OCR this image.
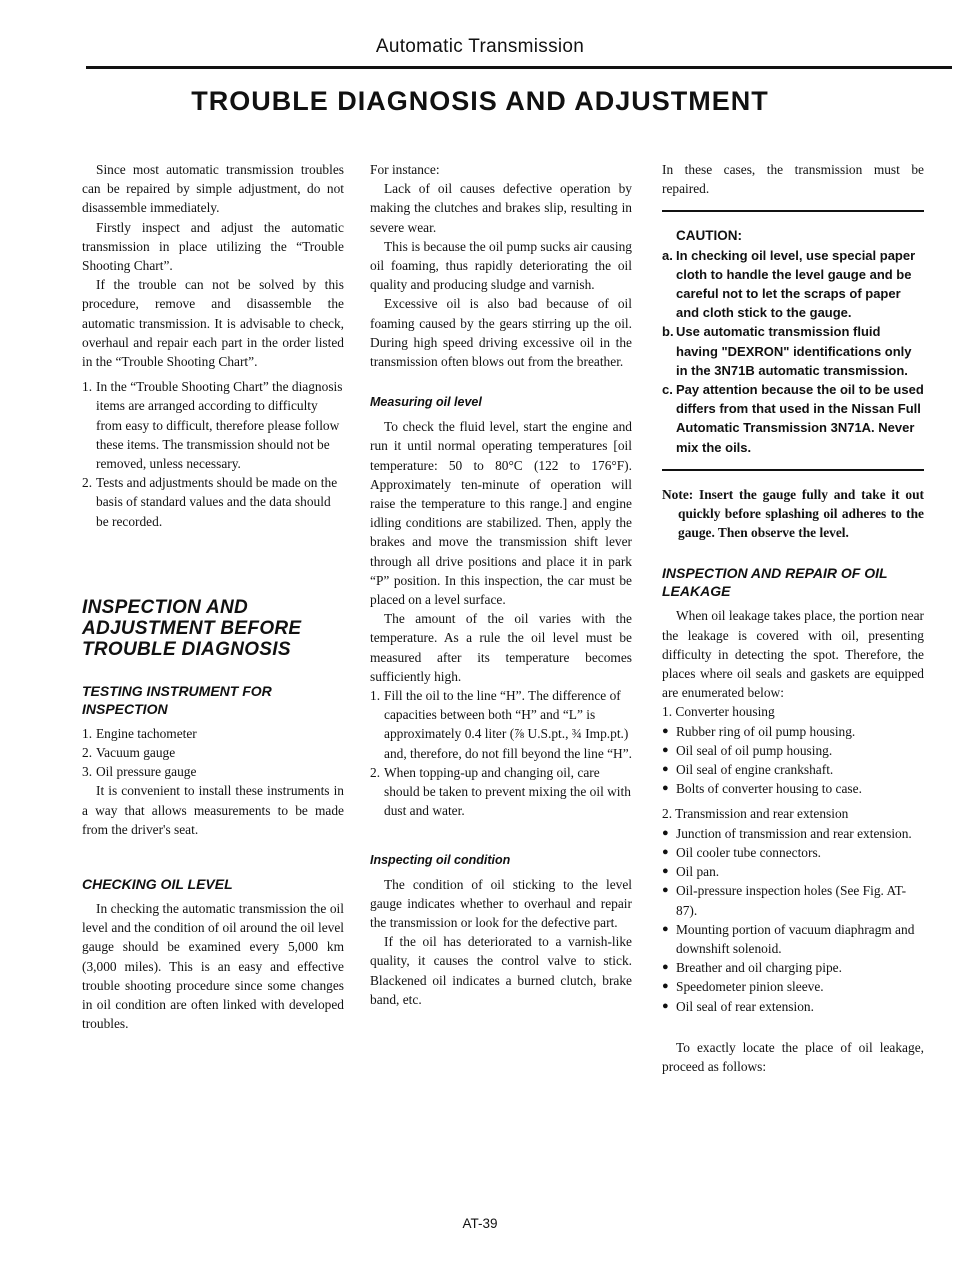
Automatic Transmission
TROUBLE DIAGNOSIS AND ADJUSTMENT

Since most automatic transmission troubles can be repaired by simple adjustment, do not disassemble immediately.

Firstly inspect and adjust the automatic transmission in place utilizing the “Trouble Shooting Chart”.

If the trouble can not be solved by this procedure, remove and disassemble the automatic transmission. It is advisable to check, overhaul and repair each part in the order listed in the “Trouble Shooting Chart”.

1. In the “Trouble Shooting Chart” the diagnosis items are arranged according to difficulty from easy to difficult, therefore please follow these items. The transmission should not be removed, unless necessary.
2. Tests and adjustments should be made on the basis of standard values and the data should be recorded.
INSPECTION AND ADJUSTMENT BEFORE TROUBLE DIAGNOSIS
TESTING INSTRUMENT FOR INSPECTION
1. Engine tachometer
2. Vacuum gauge
3. Oil pressure gauge

It is convenient to install these instruments in a way that allows measurements to be made from the driver's seat.

CHECKING OIL LEVEL

In checking the automatic transmission the oil level and the condition of oil around the oil level gauge should be examined every 5,000 km (3,000 miles). This is an easy and effective trouble shooting procedure since some changes in oil condition are often linked with developed troubles.

For instance:

Lack of oil causes defective operation by making the clutches and brakes slip, resulting in severe wear.

This is because the oil pump sucks air causing oil foaming, thus rapidly deteriorating the oil quality and producing sludge and varnish.

Excessive oil is also bad because of oil foaming caused by the gears stirring up the oil. During high speed driving excessive oil in the transmission often blows out from the breather.

Measuring oil level

To check the fluid level, start the engine and run it until normal operating temperatures [oil temperature: 50 to 80°C (122 to 176°F). Approximately ten-minute of operation will raise the temperature to this range.] and engine idling conditions are stabilized. Then, apply the brakes and move the transmission shift lever through all drive positions and place it in park “P” position. In this inspection, the car must be placed on a level surface.

The amount of the oil varies with the temperature. As a rule the oil level must be measured after its temperature becomes sufficiently high.

1. Fill the oil to the line “H”. The difference of capacities between both “H” and “L” is approximately 0.4 liter (⅞ U.S.pt., ¾ Imp.pt.) and, therefore, do not fill beyond the line “H”.
2. When topping-up and changing oil, care should be taken to prevent mixing the oil with dust and water.
Inspecting oil condition

The condition of oil sticking to the level gauge indicates whether to overhaul and repair the transmission or look for the defective part.

If the oil has deteriorated to a varnish-like quality, it causes the control valve to stick. Blackened oil indicates a burned clutch, brake band, etc.

In these cases, the transmission must be repaired.

CAUTION:

a. In checking oil level, use special paper cloth to handle the level gauge and be careful not to let the scraps of paper and cloth stick to the gauge.
b. Use automatic transmission fluid having "DEXRON" identifications only in the 3N71B automatic transmission.
c. Pay attention because the oil to be used differs from that used in the Nissan Full Automatic Transmission 3N71A. Never mix the oils.

Note: Insert the gauge fully and take it out quickly before splashing oil adheres to the gauge. Then observe the level.

INSPECTION AND REPAIR OF OIL LEAKAGE

When oil leakage takes place, the portion near the leakage is covered with oil, presenting difficulty in detecting the spot. Therefore, the places where oil seals and gaskets are equipped are enumerated below:

1. Converter housing

● Rubber ring of oil pump housing.
● Oil seal of oil pump housing.
● Oil seal of engine crankshaft.
● Bolts of converter housing to case.

2. Transmission and rear extension

● Junction of transmission and rear extension.
● Oil cooler tube connectors.
● Oil pan.
● Oil-pressure inspection holes (See Fig. AT-87).
● Mounting portion of vacuum diaphragm and downshift solenoid.
● Breather and oil charging pipe.
● Speedometer pinion sleeve.
● Oil seal of rear extension.

To exactly locate the place of oil leakage, proceed as follows:

AT-39
